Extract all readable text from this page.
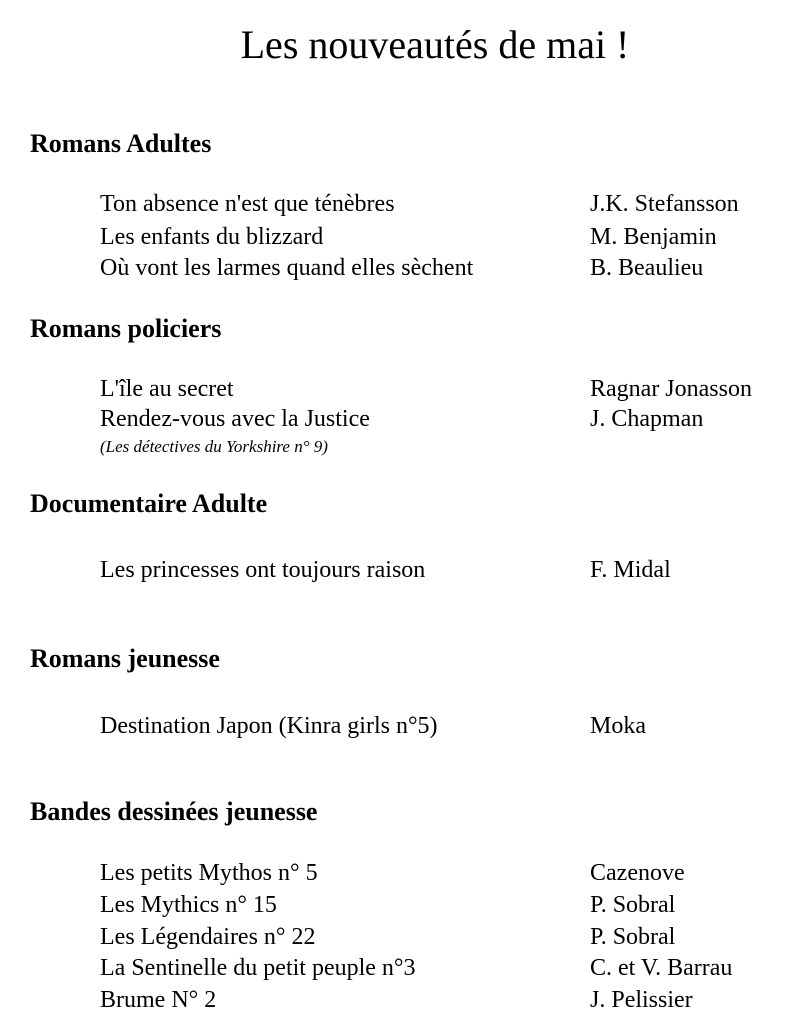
Les nouveautés de mai !
Romans Adultes
Ton absence n'est que ténèbres	J.K. Stefansson
Les enfants du blizzard	M. Benjamin
Où vont les larmes quand elles sèchent	B. Beaulieu
Romans policiers
L'île au secret	Ragnar Jonasson
Rendez-vous avec la Justice	J. Chapman
(Les détectives du Yorkshire n° 9)
Documentaire Adulte
Les princesses ont toujours raison	F. Midal
Romans jeunesse
Destination Japon (Kinra girls n°5)	Moka
Bandes dessinées jeunesse
Les petits Mythos n° 5	Cazenove
Les Mythics n° 15	P. Sobral
Les Légendaires n° 22	P. Sobral
La Sentinelle du petit peuple n°3	C. et V. Barrau
Brume N° 2	J. Pelissier
